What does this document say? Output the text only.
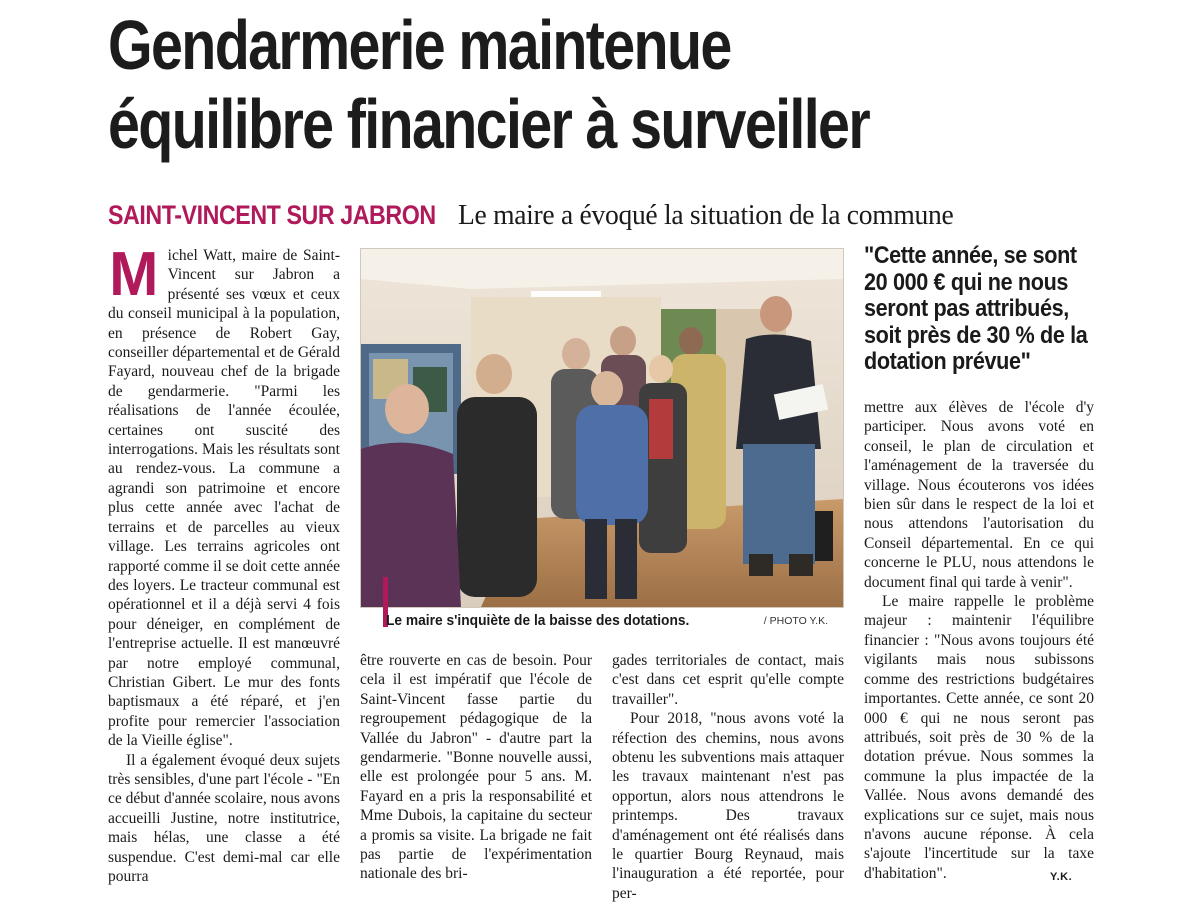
Gendarmerie maintenue
équilibre financier à surveiller
SAINT-VINCENT SUR JABRON Le maire a évoqué la situation de la commune

Michel Watt, maire de Saint-Vincent sur Jabron a présenté ses vœux et ceux du conseil municipal à la population, en présence de Robert Gay, conseiller départemental et de Gérald Fayard, nouveau chef de la brigade de gendarmerie. "Parmi les réalisations de l'année écoulée, certaines ont suscité des interrogations. Mais les résultats sont au rendez-vous. La commune a agrandi son patrimoine et encore plus cette année avec l'achat de terrains et de parcelles au vieux village. Les terrains agricoles ont rapporté comme il se doit cette année des loyers. Le tracteur communal est opérationnel et il a déjà servi 4 fois pour déneiger, en complément de l'entreprise actuelle. Il est manœuvré par notre employé communal, Christian Gibert. Le mur des fonts baptismaux a été réparé, et j'en profite pour remercier l'association de la Vieille église".

Il a également évoqué deux sujets très sensibles, d'une part l'école - "En ce début d'année scolaire, nous avons accueilli Justine, notre institutrice, mais hélas, une classe a été suspendue. C'est demi-mal car elle pourra

Le maire s'inquiète de la baisse des dotations.	/ PHOTO Y.K.
"Cette année, se sont 20 000 € qui ne nous seront pas attribués, soit près de 30 % de la dotation prévue"

être rouverte en cas de besoin. Pour cela il est impératif que l'école de Saint-Vincent fasse partie du regroupement pédagogique de la Vallée du Jabron" - d'autre part la gendarmerie. "Bonne nouvelle aussi, elle est prolongée pour 5 ans. M. Fayard en a pris la responsabilité et Mme Dubois, la capitaine du secteur a promis sa visite. La brigade ne fait pas partie de l'expérimentation nationale des bri-

gades territoriales de contact, mais c'est dans cet esprit qu'elle compte travailler".

Pour 2018, "nous avons voté la réfection des chemins, nous avons obtenu les subventions mais attaquer les travaux maintenant n'est pas opportun, alors nous attendrons le printemps. Des travaux d'aménagement ont été réalisés dans le quartier Bourg Reynaud, mais l'inauguration a été reportée, pour per-

mettre aux élèves de l'école d'y participer. Nous avons voté en conseil, le plan de circulation et l'aménagement de la traversée du village. Nous écouterons vos idées bien sûr dans le respect de la loi et nous attendons l'autorisation du Conseil départemental. En ce qui concerne le PLU, nous attendons le document final qui tarde à venir".

Le maire rappelle le problème majeur : maintenir l'équilibre financier : "Nous avons toujours été vigilants mais nous subissons comme des restrictions budgétaires importantes. Cette année, ce sont 20 000 € qui ne nous seront pas attribués, soit près de 30 % de la dotation prévue. Nous sommes la commune la plus impactée de la Vallée. Nous avons demandé des explications sur ce sujet, mais nous n'avons aucune réponse. À cela s'ajoute l'incertitude sur la taxe d'habitation".	Y.K.
